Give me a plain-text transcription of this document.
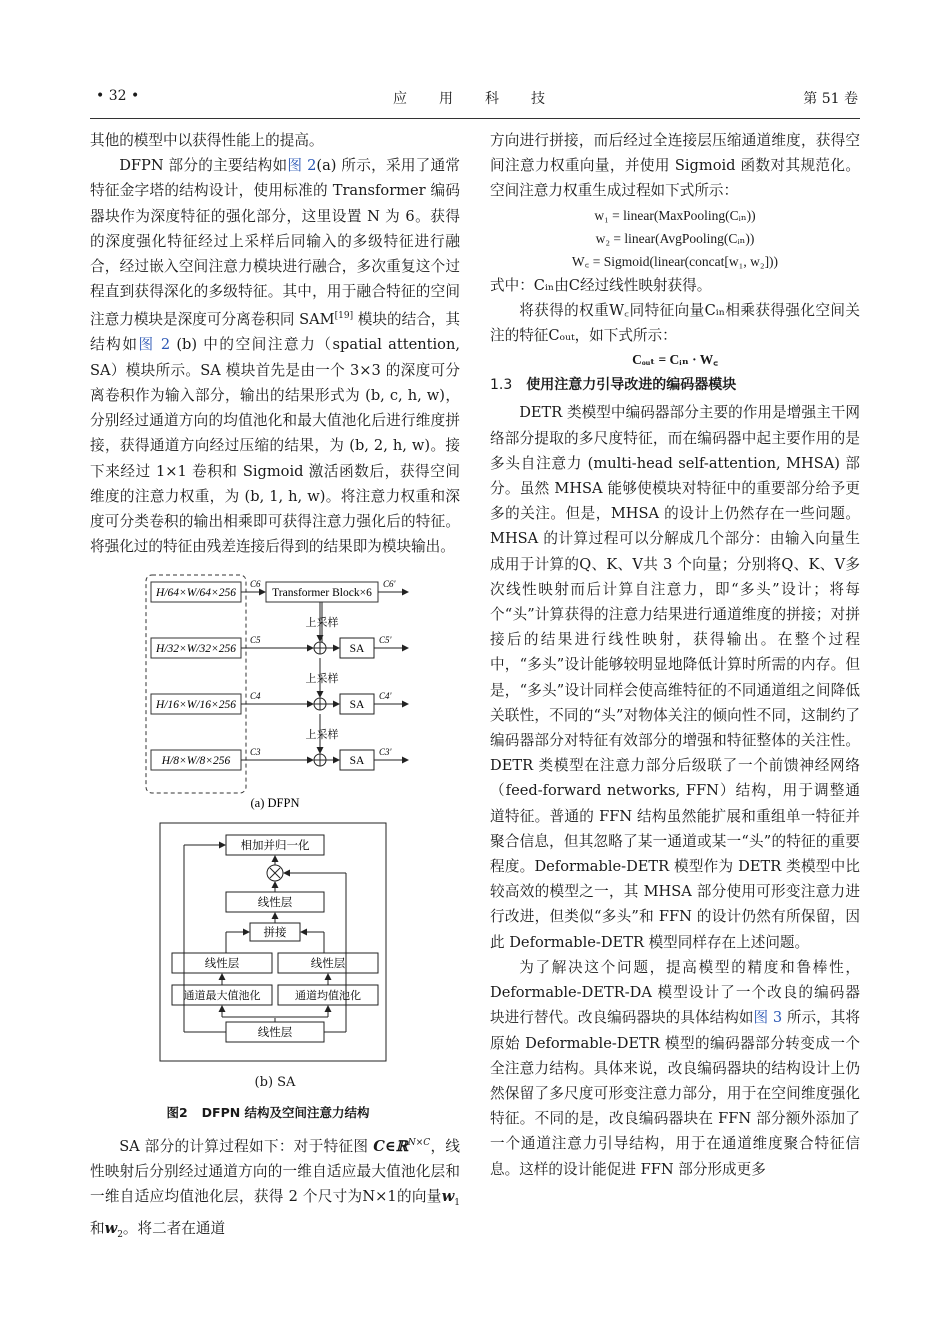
• 32 •	应用科技	第 51 卷

其他的模型中以获得性能上的提高。

DFPN 部分的主要结构如图 2(a) 所示，采用了通常特征金字塔的结构设计，使用标准的 Transformer 编码器块作为深度特征的强化部分，这里设置 N 为 6。获得的深度强化特征经过上采样后同输入的多级特征进行融合，经过嵌入空间注意力模块进行融合，多次重复这个过程直到获得深化的多级特征。其中，用于融合特征的空间注意力模块是深度可分离卷积同 SAM[19] 模块的结合，其结构如图 2 (b) 中的空间注意力（spatial attention, SA）模块所示。SA 模块首先是由一个 3×3 的深度可分离卷积作为输入部分，输出的结果形式为 (b, c, h, w)，分别经过通道方向的均值池化和最大值池化后进行维度拼接，获得通道方向经过压缩的结果，为 (b, 2, h, w)。接下来经过 1×1 卷积和 Sigmoid 激活函数后，获得空间维度的注意力权重，为 (b, 1, h, w)。将注意力权重和深度可分类卷积的输出相乘即可获得注意力强化后的特征。将强化过的特征由残差连接后得到的结果即为模块输出。

H/64×W/64×256
H/32×W/32×256
H/16×W/16×256
H/8×W/8×256
Transformer Block×6
C6	C6'
上采样
上采样
上采样
SA
SA
SA
C5
C4
C3
C5'
C4'
C3'
(a) DFPN
相加并归一化
线性层
拼接
线性层	线性层
通道最大值池化	通道均值池化
线性层
(b) SA
图2 DFPN 结构及空间注意力结构

SA 部分的计算过程如下：对于特征图 C∈ℝ$^{N\times C}$，线性映射后分别经过通道方向的一维自适应最大值池化层和一维自适应均值池化层，获得 2 个尺寸为N×1的向量$w_1$和$w_2$。将二者在通道

方向进行拼接，而后经过全连接层压缩通道维度，获得空间注意力权重向量，并使用 Sigmoid 函数对其规范化。空间注意力权重生成过程如下式所示：

w₁ = linear(MaxPooling(Cᵢₙ))
w₂ = linear(AvgPooling(Cᵢₙ))
W꜀ = Sigmoid(linear(concat[w₁, w₂]))

式中：Cᵢₙ由C经过线性映射获得。

将获得的权重W꜀同特征向量Cᵢₙ相乘获得强化空间关注的特征Cₒᵤₜ，如下式所示：

Cₒᵤₜ = Cᵢₙ · W꜀
1.3 使用注意力引导改进的编码器模块

DETR 类模型中编码器部分主要的作用是增强主干网络部分提取的多尺度特征，而在编码器中起主要作用的是多头自注意力 (multi-head self-attention, MHSA) 部分。虽然 MHSA 能够使模块对特征中的重要部分给予更多的关注。但是，MHSA 的设计上仍然存在一些问题。MHSA 的计算过程可以分解成几个部分：由输入向量生成用于计算的Q、K、V共 3 个向量；分别将Q、K、V多次线性映射而后计算自注意力，即“多头”设计；将每个“头”计算获得的注意力结果进行通道维度的拼接；对拼接后的结果进行线性映射，获得输出。在整个过程中，“多头”设计能够较明显地降低计算时所需的内存。但是，“多头”设计同样会使高维特征的不同通道组之间降低关联性，不同的“头”对物体关注的倾向性不同，这制约了编码器部分对特征有效部分的增强和特征整体的关注性。DETR 类模型在注意力部分后级联了一个前馈神经网络（feed-forward networks, FFN）结构，用于调整通道特征。普通的 FFN 结构虽然能扩展和重组单一特征并聚合信息，但其忽略了某一通道或某一“头”的特征的重要程度。Deformable-DETR 模型作为 DETR 类模型中比较高效的模型之一，其 MHSA 部分使用可形变注意力进行改进，但类似“多头”和 FFN 的设计仍然有所保留，因此 Deformable-DETR 模型同样存在上述问题。

为了解决这个问题，提高模型的精度和鲁棒性，Deformable-DETR-DA 模型设计了一个改良的编码器块进行替代。改良编码器块的具体结构如图 3 所示，其将原始 Deformable-DETR 模型的编码器部分转变成一个全注意力结构。具体来说，改良编码器块的结构设计上仍然保留了多尺度可形变注意力部分，用于在空间维度强化特征。不同的是，改良编码器块在 FFN 部分额外添加了一个通道注意力引导结构，用于在通道维度聚合特征信息。这样的设计能促进 FFN 部分形成更多
